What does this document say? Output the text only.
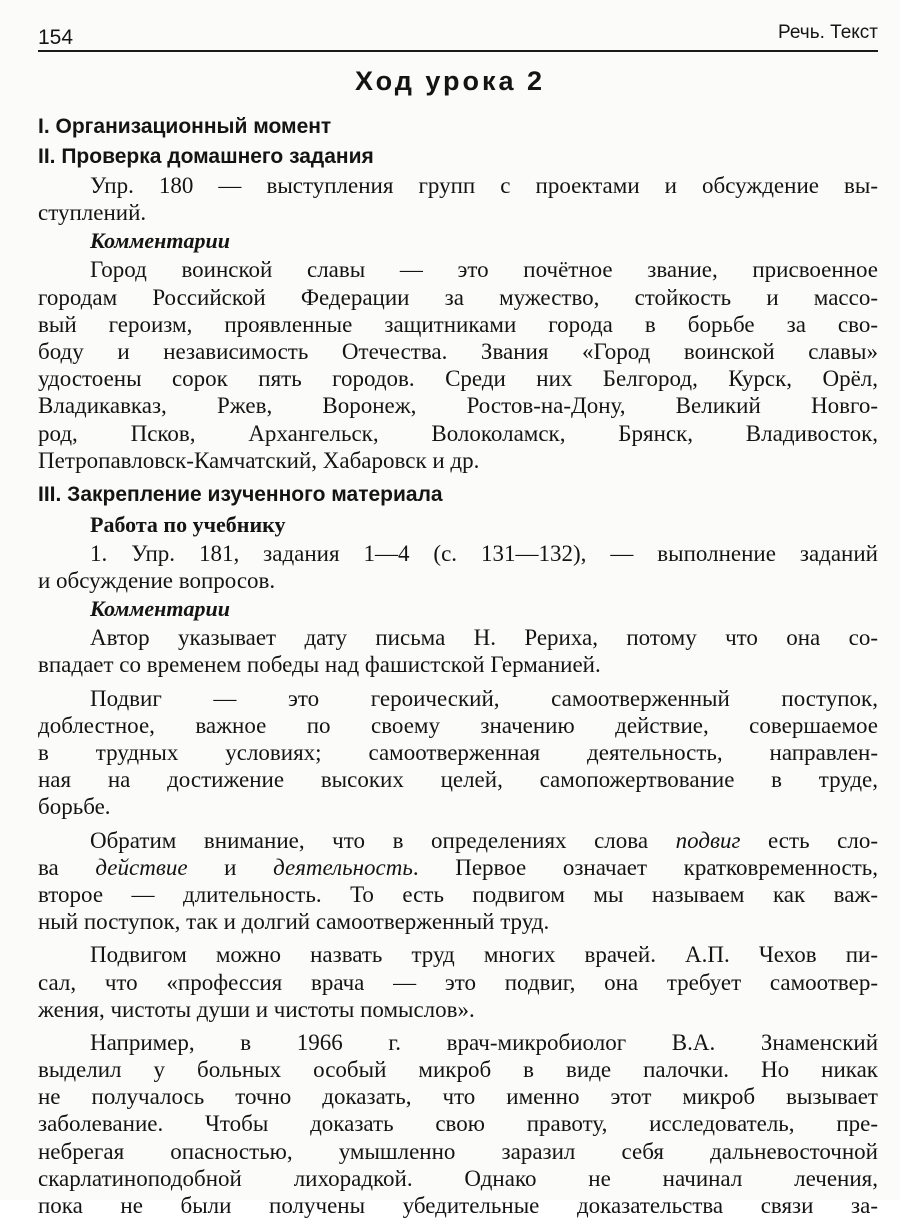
154	Речь. Текст
Ход урока 2
I. Организационный момент
II. Проверка домашнего задания
Упр. 180 — выступления групп с проектами и обсуждение вы-
ступлений.
Комментарии
Город воинской славы — это почётное звание, присвоенное
городам Российской Федерации за мужество, стойкость и массо-
вый героизм, проявленные защитниками города в борьбе за сво-
боду и независимость Отечества. Звания «Город воинской славы»
удостоены сорок пять городов. Среди них Белгород, Курск, Орёл,
Владикавказ, Ржев, Воронеж, Ростов-на-Дону, Великий Новго-
род, Псков, Архангельск, Волоколамск, Брянск, Владивосток,
Петропавловск-Камчатский, Хабаровск и др.
III. Закрепление изученного материала
Работа по учебнику
1. Упр. 181, задания 1—4 (с. 131—132), — выполнение заданий
и обсуждение вопросов.
Комментарии
Автор указывает дату письма Н. Рериха, потому что она со-
впадает со временем победы над фашистской Германией.
Подвиг — это героический, самоотверженный поступок,
доблестное, важное по своему значению действие, совершаемое
в трудных условиях; самоотверженная деятельность, направлен-
ная на достижение высоких целей, самопожертвование в труде,
борьбе.
Обратим внимание, что в определениях слова подвиг есть сло-
ва действие и деятельность. Первое означает кратковременность,
второе — длительность. То есть подвигом мы называем как важ-
ный поступок, так и долгий самоотверженный труд.
Подвигом можно назвать труд многих врачей. А.П. Чехов пи-
сал, что «профессия врача — это подвиг, она требует самоотвер-
жения, чистоты души и чистоты помыслов».
Например, в 1966 г. врач-микробиолог В.А. Знаменский
выделил у больных особый микроб в виде палочки. Но никак
не получалось точно доказать, что именно этот микроб вызывает
заболевание. Чтобы доказать свою правоту, исследователь, пре-
небрегая опасностью, умышленно заразил себя дальневосточной
скарлатиноподобной лихорадкой. Однако не начинал лечения,
пока не были получены убедительные доказательства связи за-
